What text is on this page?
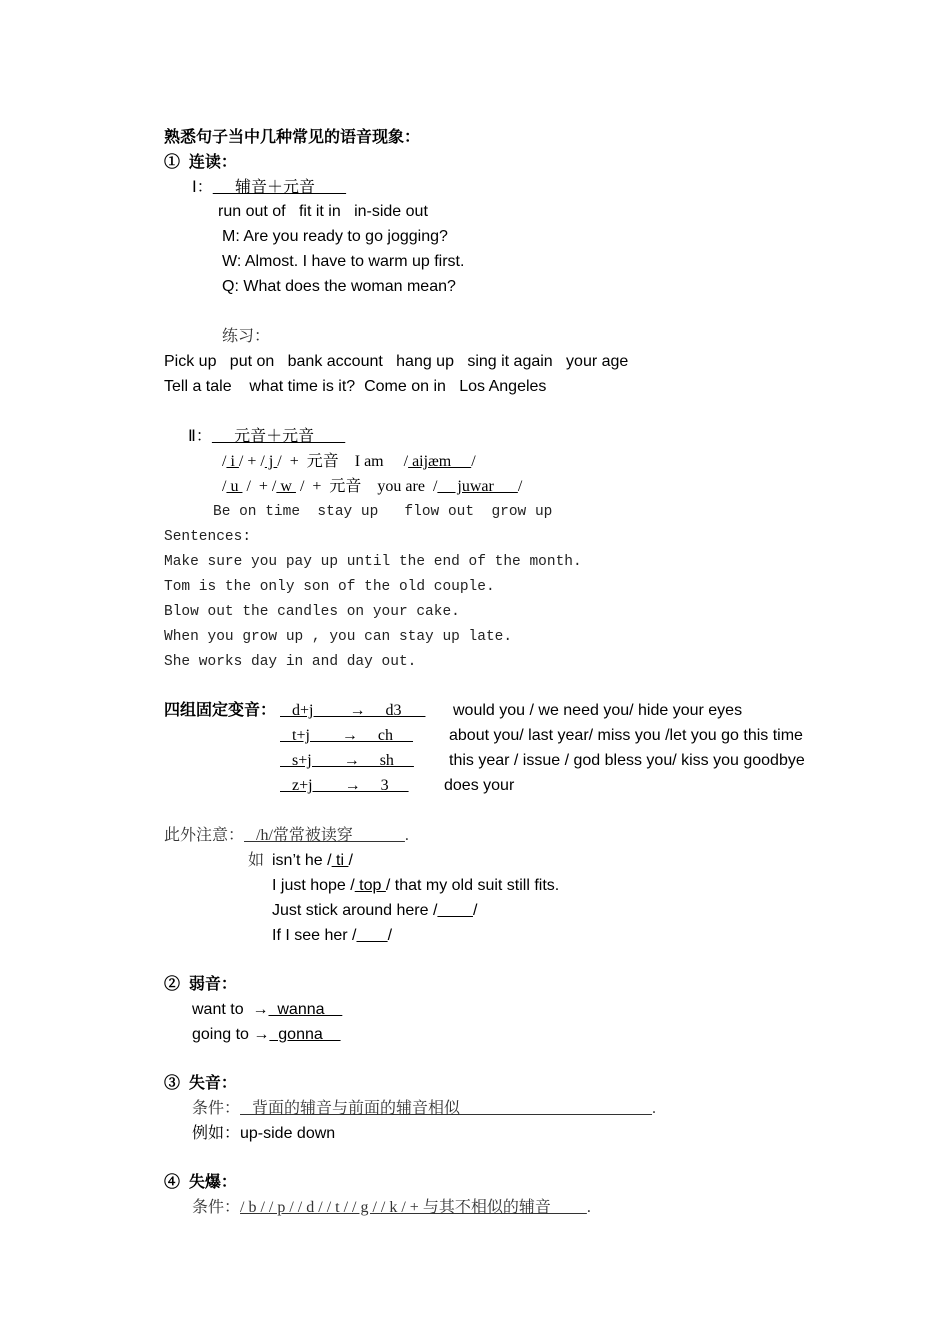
熟悉句子当中几种常见的语音现象：
①  连读：
Ⅰ：     辅音＋元音
run out of   fit it in   in-side out
M: Are you ready to go jogging?
W: Almost. I have to warm up first.
Q: What does the woman mean?
练习：
Pick up   put on   bank account   hang up   sing it again   your age
Tell a tale    what time is it?  Come on in   Los Angeles
Ⅱ：     元音＋元音
/ i / + / j /  +  元音    I am     / aijæm     /
/ u  /  + / w  /  +  元音    you are  /     juwar      /
Be on time  stay up   flow out  grow up
Sentences:
Make sure you pay up until the end of the month.
Tom is the only son of the old couple.
Blow out the candles on your cake.
When you grow up , you can stay up late.
She works day in and day out.
四组固定变音： d+j         →     d3 would you / we need you/ hide your eyes
t+j        →     ch about you/ last year/ miss you /let you go this time
s+j        →     sh this year / issue / god bless you/ kiss you goodbye
z+j        →     3 does your
此外注意：   /h/常常被读穿             .
如 isn’t he / ti /
I just hope / top / that my old suit still fits.
Just stick around here / /
If I see her / /
②  弱音：
want to  →  wanna
going to →  gonna
③  失音：
条件：   背面的辅音与前面的辅音相似                                                .
例如：up-side down
④  失爆：
条件：/ b / / p / / d / / t / / g / / k / + 与其不相似的辅音         .
